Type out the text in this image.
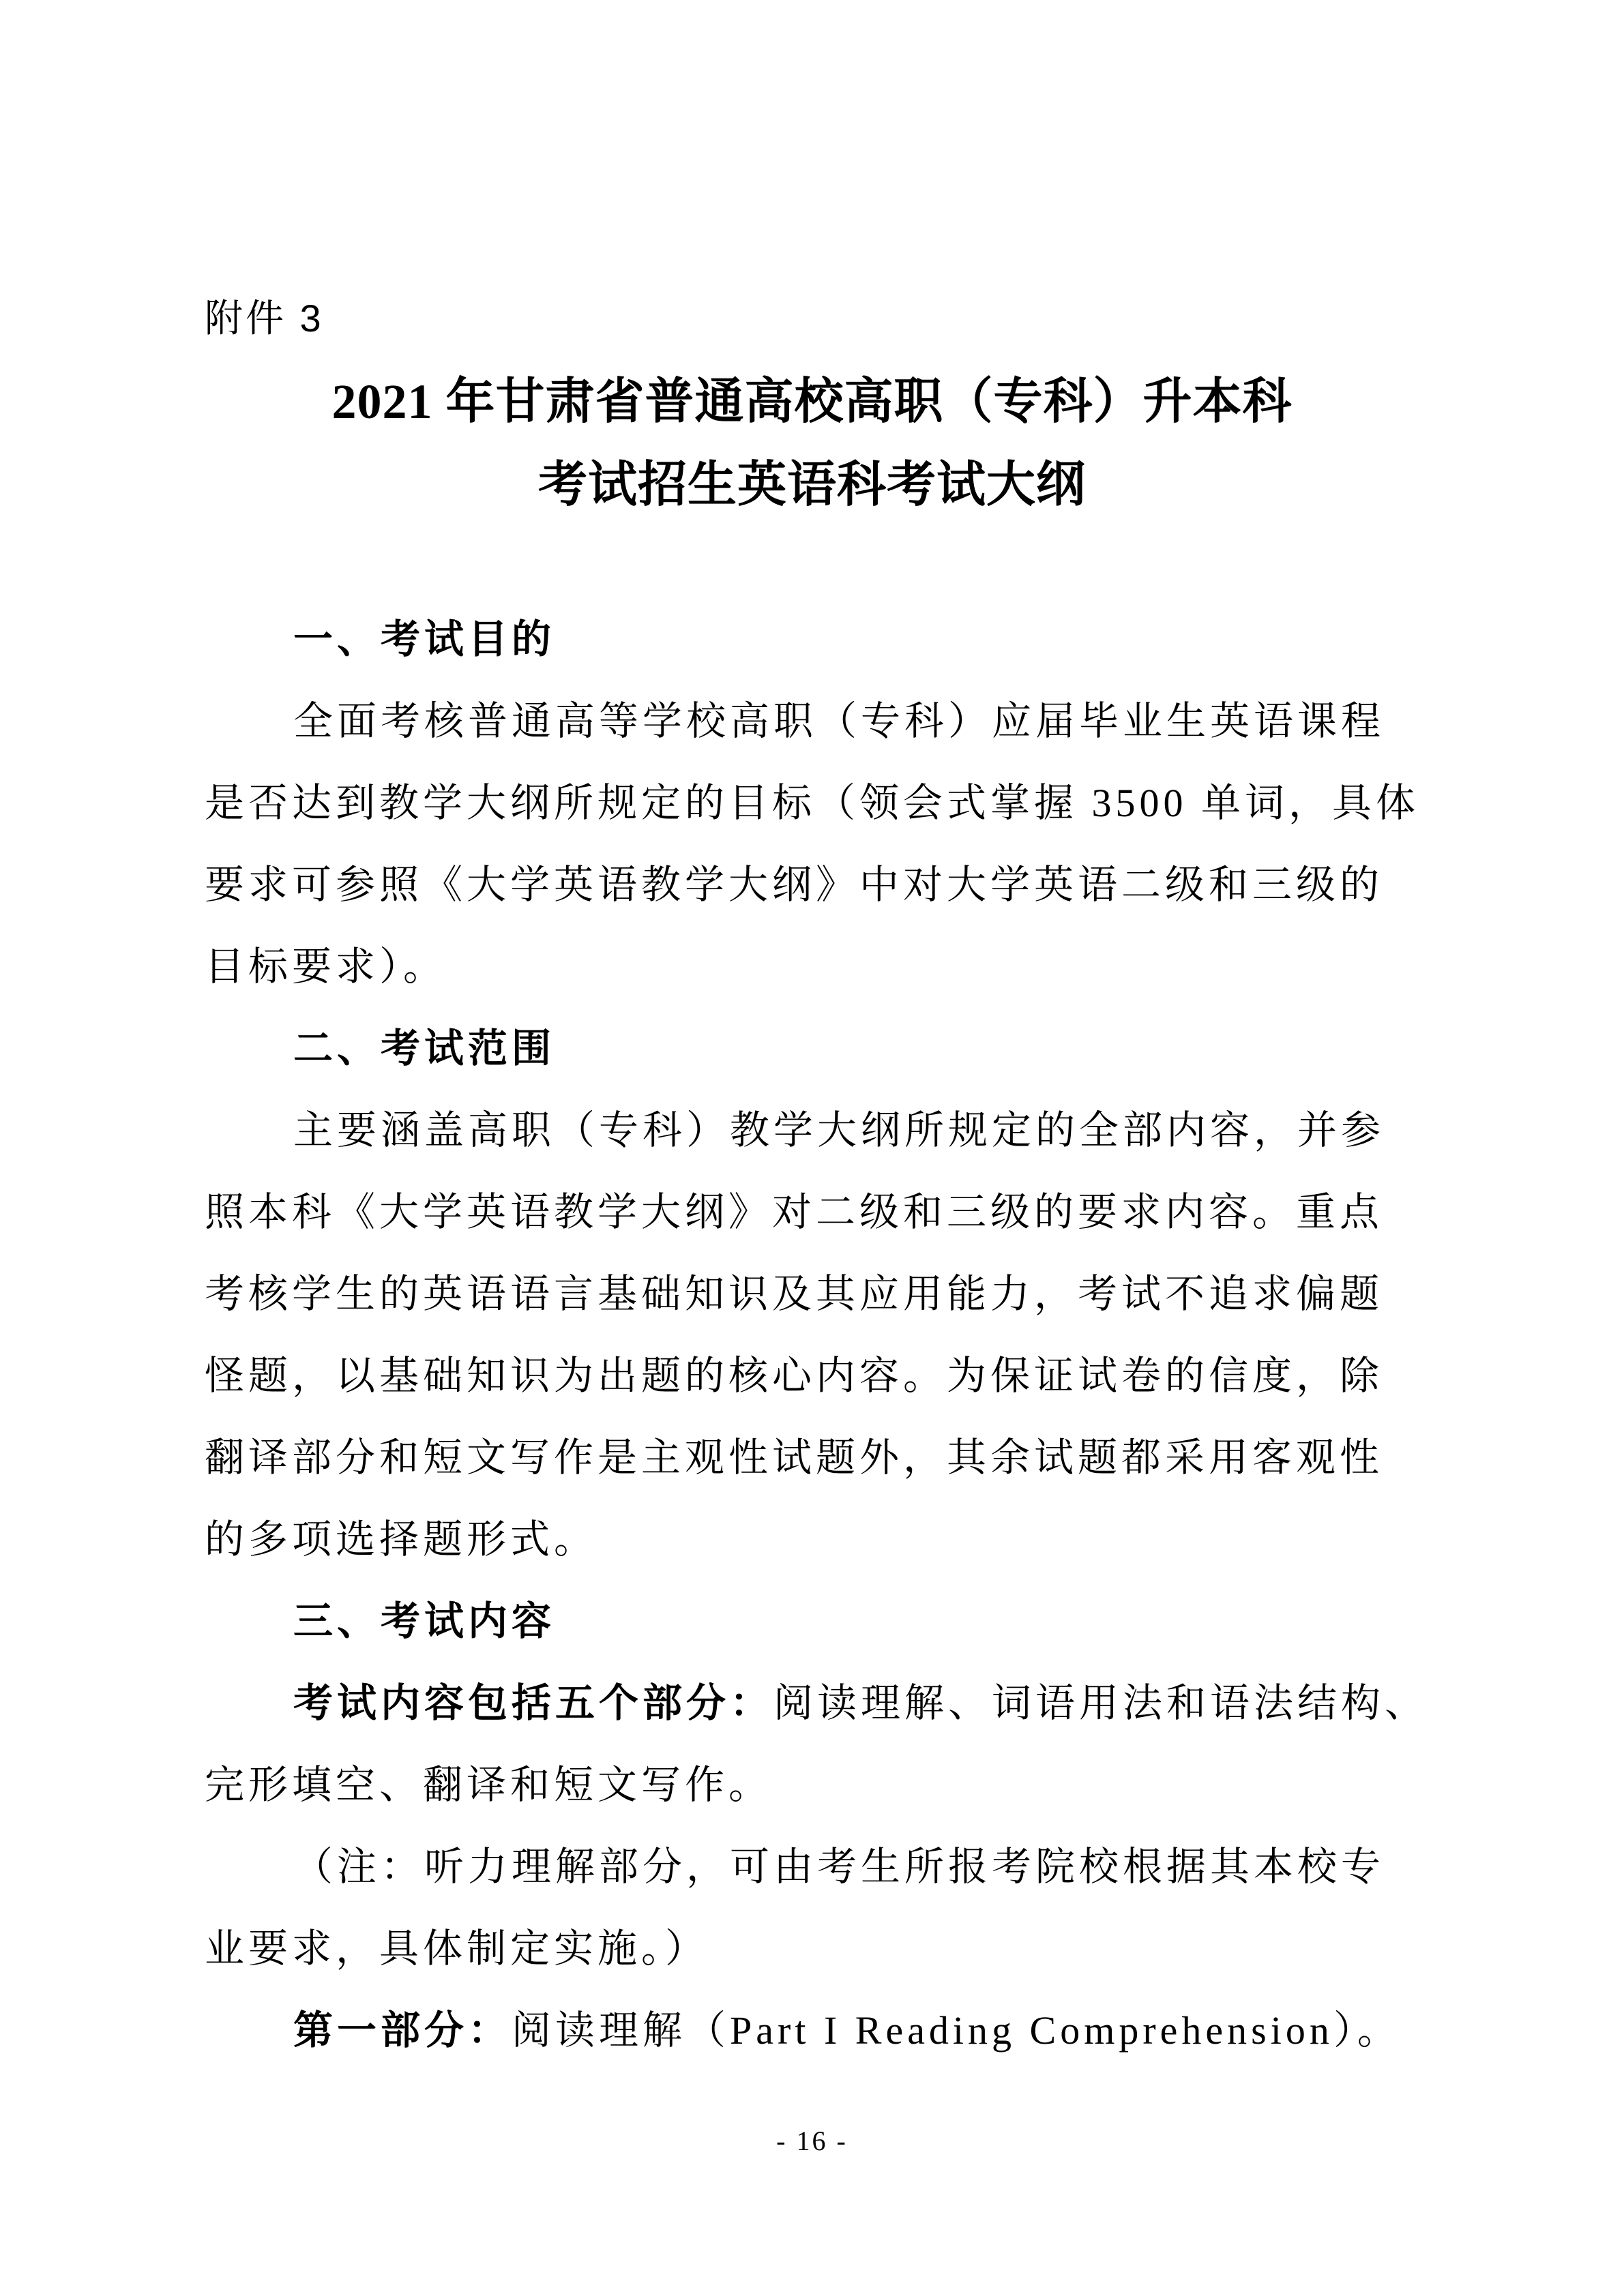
附件 3

2021 年甘肃省普通高校高职（专科）升本科
考试招生英语科考试大纲
一、考试目的

全面考核普通高等学校高职（专科）应届毕业生英语课程

是否达到教学大纲所规定的目标（领会式掌握 3500 单词，具体

要求可参照《大学英语教学大纲》中对大学英语二级和三级的

目标要求）。

二、考试范围

主要涵盖高职（专科）教学大纲所规定的全部内容，并参

照本科《大学英语教学大纲》对二级和三级的要求内容。重点

考核学生的英语语言基础知识及其应用能力，考试不追求偏题

怪题，以基础知识为出题的核心内容。为保证试卷的信度，除

翻译部分和短文写作是主观性试题外，其余试题都采用客观性

的多项选择题形式。

三、考试内容

考试内容包括五个部分：阅读理解、词语用法和语法结构、

完形填空、翻译和短文写作。

（注：听力理解部分，可由考生所报考院校根据其本校专

业要求，具体制定实施。）

第一部分：阅读理解（Part I Reading Comprehension）。

- 16 -
